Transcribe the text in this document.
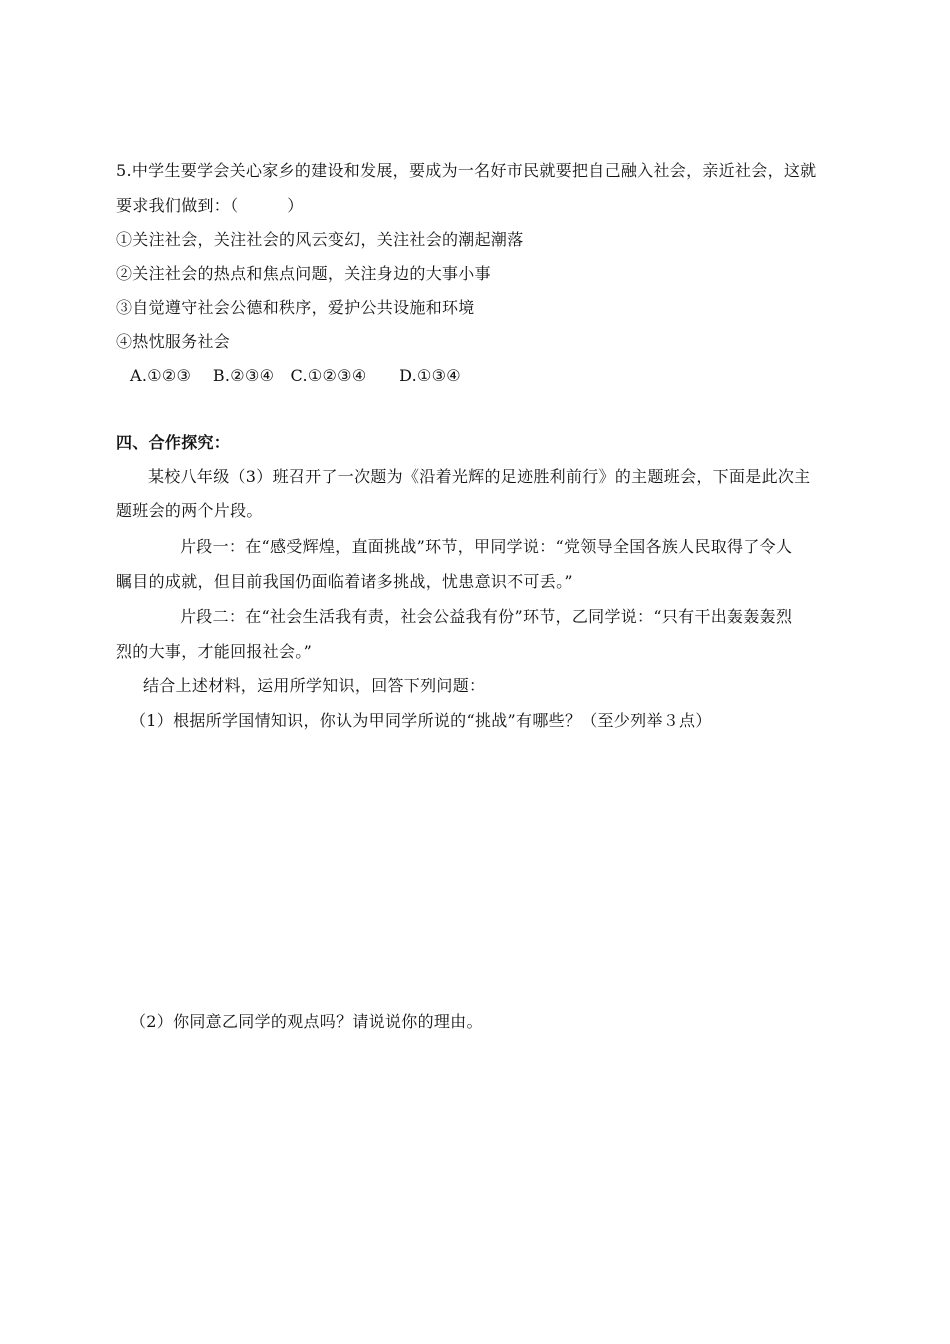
5.中学生要学会关心家乡的建设和发展，要成为一名好市民就要把自己融入社会，亲近社会，这就
要求我们做到：（　　　）
①关注社会，关注社会的风云变幻，关注社会的潮起潮落
②关注社会的热点和焦点问题，关注身边的大事小事
③自觉遵守社会公德和秩序，爱护公共设施和环境
④热忱服务社会
A.①②③　 B.②③④　C.①②③④　　D.①③④
四、合作探究：
某校八年级（3）班召开了一次题为《沿着光辉的足迹胜利前行》的主题班会，下面是此次主
题班会的两个片段。
片段一：在“感受辉煌，直面挑战”环节，甲同学说：“党领导全国各族人民取得了令人
瞩目的成就，但目前我国仍面临着诸多挑战，忧患意识不可丢。”
片段二：在“社会生活我有责，社会公益我有份”环节，乙同学说：“只有干出轰轰轰烈
烈的大事，才能回报社会。”
结合上述材料，运用所学知识，回答下列问题：
（1）根据所学国情知识，你认为甲同学所说的“挑战”有哪些？（至少列举３点）
（2）你同意乙同学的观点吗？请说说你的理由。
